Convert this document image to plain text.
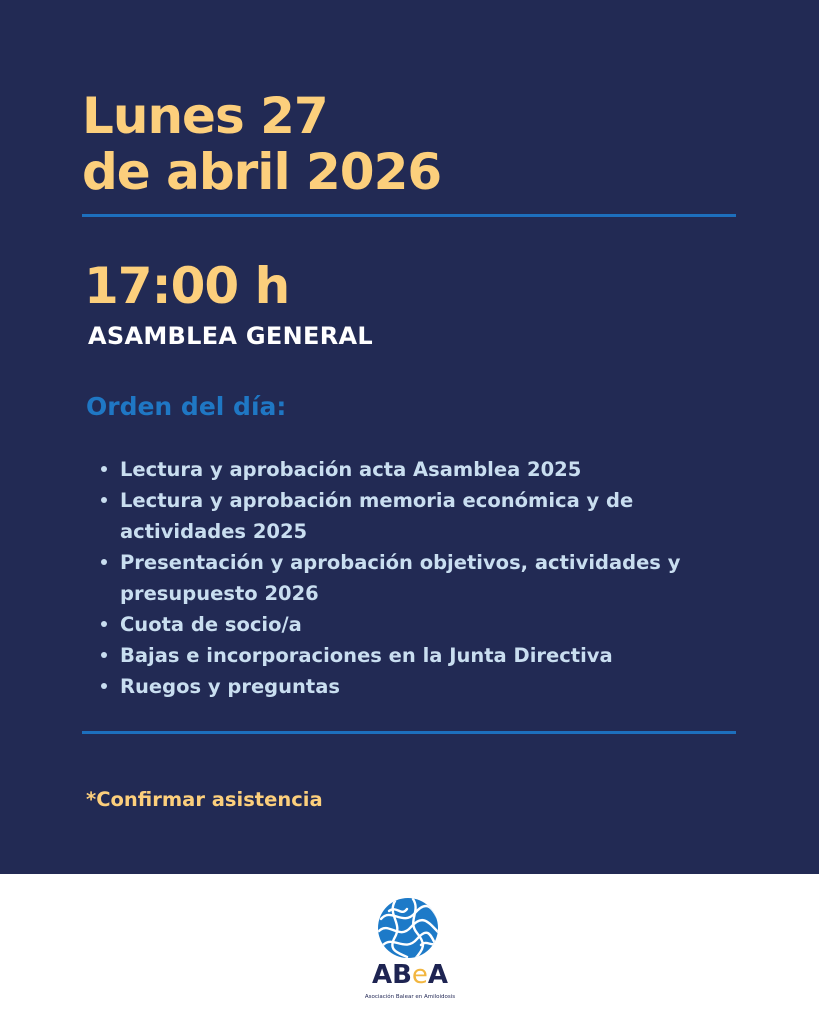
Lunes 27
de abril 2026
17:00 h
ASAMBLEA GENERAL
Orden del día:
Lectura y aprobación acta Asamblea 2025
Lectura y aprobación memoria económica y de actividades 2025
Presentación y aprobación objetivos, actividades y presupuesto 2026
Cuota de socio/a
Bajas e incorporaciones en la Junta Directiva
Ruegos y preguntas
*Confirmar asistencia
ABeA
Asociación Balear en Amiloidosis
